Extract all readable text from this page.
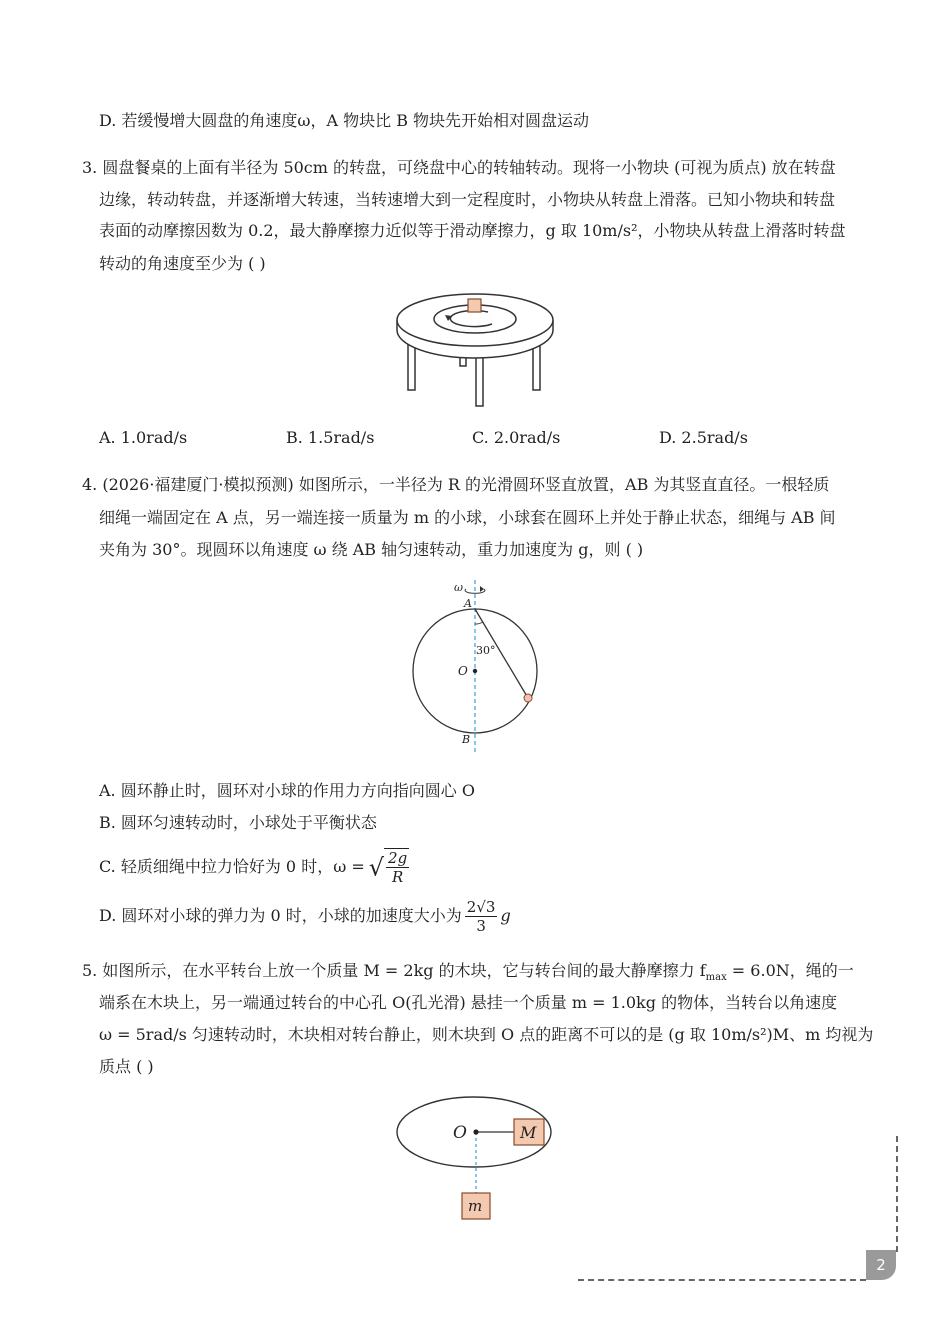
D. 若缓慢增大圆盘的角速度ω，A 物块比 B 物块先开始相对圆盘运动
3. 圆盘餐桌的上面有半径为 50cm 的转盘，可绕盘中心的转轴转动。现将一小物块 (可视为质点) 放在转盘
边缘，转动转盘，并逐渐增大转速，当转速增大到一定程度时，小物块从转盘上滑落。已知小物块和转盘
表面的动摩擦因数为 0.2，最大静摩擦力近似等于滑动摩擦力，g 取 10m/s²，小物块从转盘上滑落时转盘
转动的角速度至少为 ( )
A. 1.0rad/s	B. 1.5rad/s	C. 2.0rad/s	D. 2.5rad/s
4. (2026·福建厦门·模拟预测) 如图所示，一半径为 R 的光滑圆环竖直放置，AB 为其竖直直径。一根轻质
细绳一端固定在 A 点，另一端连接一质量为 m 的小球，小球套在圆环上并处于静止状态，细绳与 AB 间
夹角为 30°。现圆环以角速度 ω 绕 AB 轴匀速转动，重力加速度为 g，则 ( )
ω
30°
O
A
B
A. 圆环静止时，圆环对小球的作用力方向指向圆心 O
B. 圆环匀速转动时，小球处于平衡状态
C. 轻质细绳中拉力恰好为 0 时，ω = √ $\frac{2g}{R}$
D. 圆环对小球的弹力为 0 时，小球的加速度大小为 $\frac{2√3}{3}$ g
5. 如图所示，在水平转台上放一个质量 M = 2kg 的木块，它与转台间的最大静摩擦力 $f_{max} = 6.0N$，绳的一
端系在木块上，另一端通过转台的中心孔 O(孔光滑) 悬挂一个质量 m = 1.0kg 的物体，当转台以角速度
ω = 5rad/s 匀速转动时，木块相对转台静止，则木块到 O 点的距离不可以的是 (g 取 10m/s²)M、m 均视为
质点 ( )
O	M
m
2
